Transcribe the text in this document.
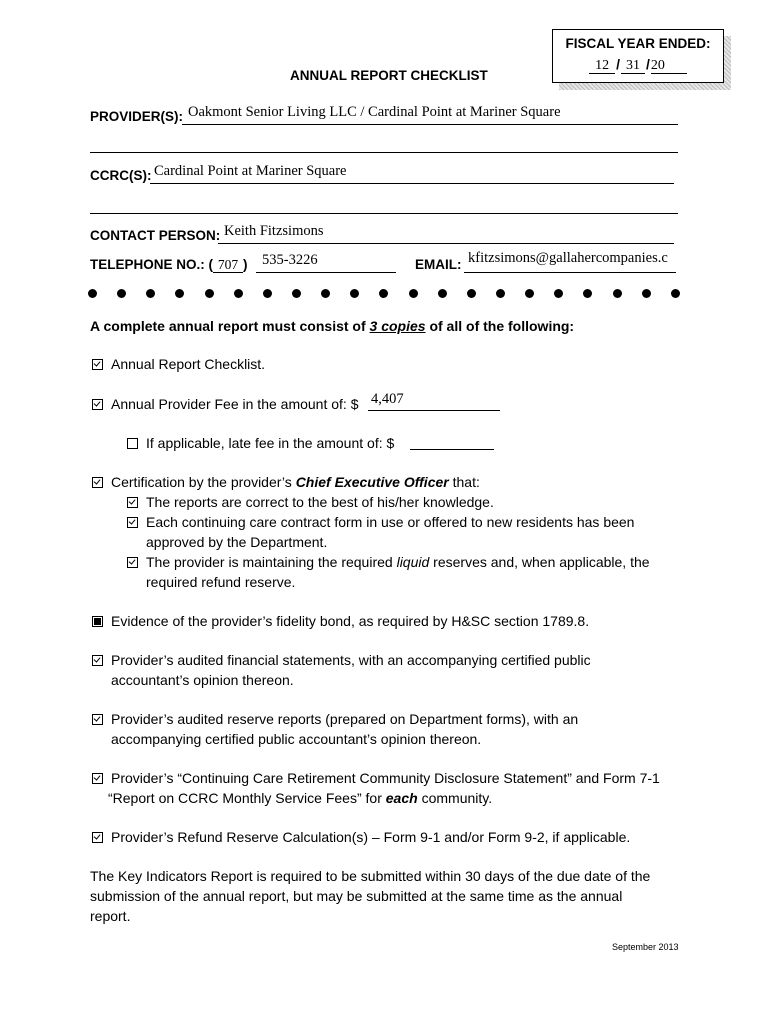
FISCAL YEAR ENDED:
12 / 31 /20
ANNUAL REPORT CHECKLIST
PROVIDER(S): Oakmont Senior Living LLC / Cardinal Point at Mariner Square
CCRC(S): Cardinal Point at Mariner Square
CONTACT PERSON: Keith Fitzsimons
TELEPHONE NO.: ( 707 ) 535-3226	EMAIL: kfitzsimons@gallahercompanies.c
A complete annual report must consist of 3 copies of all of the following:
Annual Report Checklist.
Annual Provider Fee in the amount of: $ 4,407
If applicable, late fee in the amount of: $
Certification by the provider’s Chief Executive Officer that:
The reports are correct to the best of his/her knowledge.
Each continuing care contract form in use or offered to new residents has been
approved by the Department.
The provider is maintaining the required liquid reserves and, when applicable, the
required refund reserve.
Evidence of the provider’s fidelity bond, as required by H&SC section 1789.8.
Provider’s audited financial statements, with an accompanying certified public
accountant’s opinion thereon.
Provider’s audited reserve reports (prepared on Department forms), with an
accompanying certified public accountant’s opinion thereon.
Provider’s “Continuing Care Retirement Community Disclosure Statement” and Form 7-1
“Report on CCRC Monthly Service Fees” for each community.
Provider’s Refund Reserve Calculation(s) – Form 9-1 and/or Form 9-2, if applicable.
The Key Indicators Report is required to be submitted within 30 days of the due date of the
submission of the annual report, but may be submitted at the same time as the annual
report.
September 2013
